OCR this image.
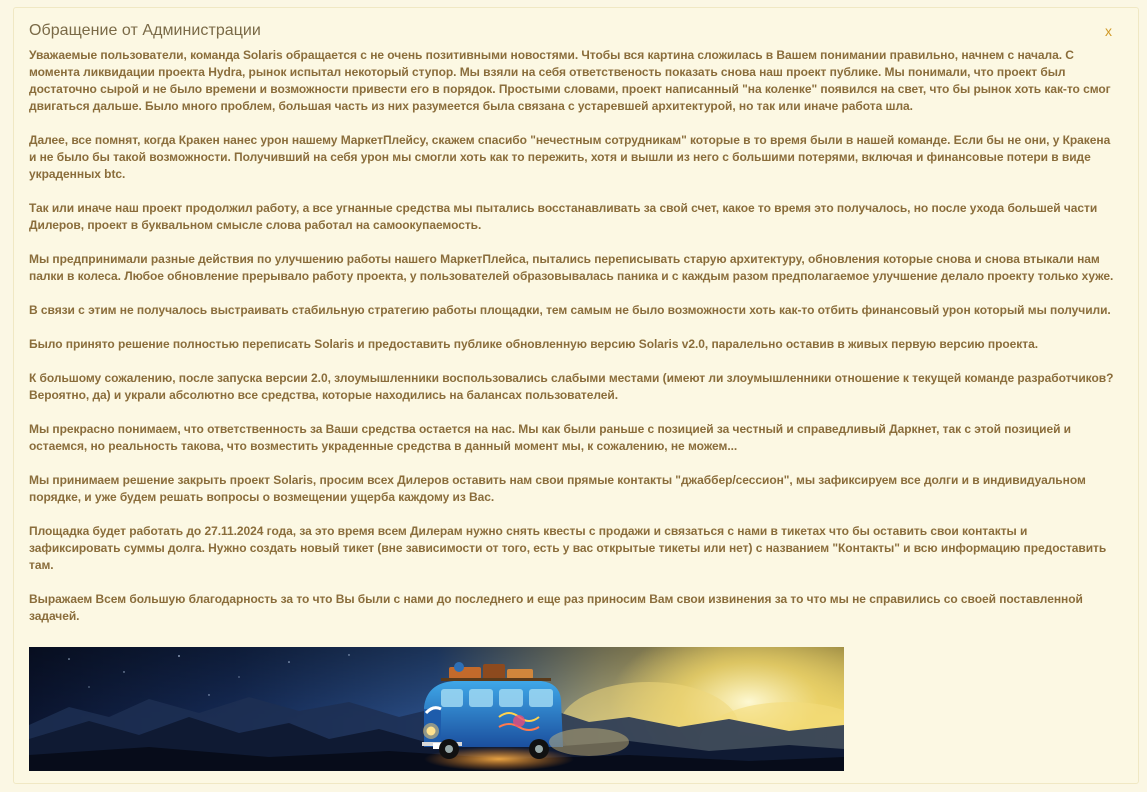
Обращение от Администрации	x

Уважаемые пользователи, команда Solaris обращается с не очень позитивными новостями. Чтобы вся картина сложилась в Вашем понимании правильно, начнем с начала. С
момента ликвидации проекта Hydra, рынок испытал некоторый ступор. Мы взяли на себя ответственость показать снова наш проект публике. Мы понимали, что проект был
достаточно сырой и не было времени и возможности привести его в порядок. Простыми словами, проект написанный "на коленке" появился на свет, что бы рынок хоть как-то смог
двигаться дальше. Было много проблем, большая часть из них разумеется была связана с устаревшей архитектурой, но так или иначе работа шла.

Далее, все помнят, когда Кракен нанес урон нашему МаркетПлейсу, скажем спасибо "нечестным сотрудникам" которые в то время были в нашей команде. Если бы не они, у Кракена
и не было бы такой возможности. Получивший на себя урон мы смогли хоть как то пережить, хотя и вышли из него с большими потерями, включая и финансовые потери в виде
украденных btc.

Так или иначе наш проект продолжил работу, а все угнанные средства мы пытались восстанавливать за свой счет, какое то время это получалось, но после ухода большей части
Дилеров, проект в буквальном смысле слова работал на самоокупаемость.

Мы предпринимали разные действия по улучшению работы нашего МаркетПлейса, пытались переписывать старую архитектуру, обновления которые снова и снова втыкали нам
палки в колеса. Любое обновление прерывало работу проекта, у пользователей образовывалась паника и с каждым разом предполагаемое улучшение делало проекту только хуже.

В связи с этим не получалось выстраивать стабильную стратегию работы площадки, тем самым не было возможности хоть как-то отбить финансовый урон который мы получили.

Было принято решение полностью переписать Solaris и предоставить публике обновленную версию Solaris v2.0, паралельно оставив в живых первую версию проекта.

К большому сожалению, после запуска версии 2.0, злоумышленники воспользовались слабыми местами (имеют ли злоумышленники отношение к текущей команде разработчиков?
Вероятно, да) и украли абсолютно все средства, которые находились на балансах пользователей.

Мы прекрасно понимаем, что ответственность за Ваши средства остается на нас. Мы как были раньше с позицией за честный и справедливый Даркнет, так с этой позицией и
остаемся, но реальность такова, что возместить украденные средства в данный момент мы, к сожалению, не можем...

Мы принимаем решение закрыть проект Solaris, просим всех Дилеров оставить нам свои прямые контакты "джаббер/сессион", мы зафиксируем все долги и в индивидуальном
порядке, и уже будем решать вопросы о возмещении ущерба каждому из Вас.

Площадка будет работать до 27.11.2024 года, за это время всем Дилерам нужно снять квесты с продажи и связаться с нами в тикетах что бы оставить свои контакты и
зафиксировать суммы долга. Нужно создать новый тикет (вне зависимости от того, есть у вас открытые тикеты или нет) с названием "Контакты" и всю информацию предоставить
там.

Выражаем Всем большую благодарность за то что Вы были с нами до последнего и еще раз приносим Вам свои извинения за то что мы не справились со своей поставленной
задачей.
